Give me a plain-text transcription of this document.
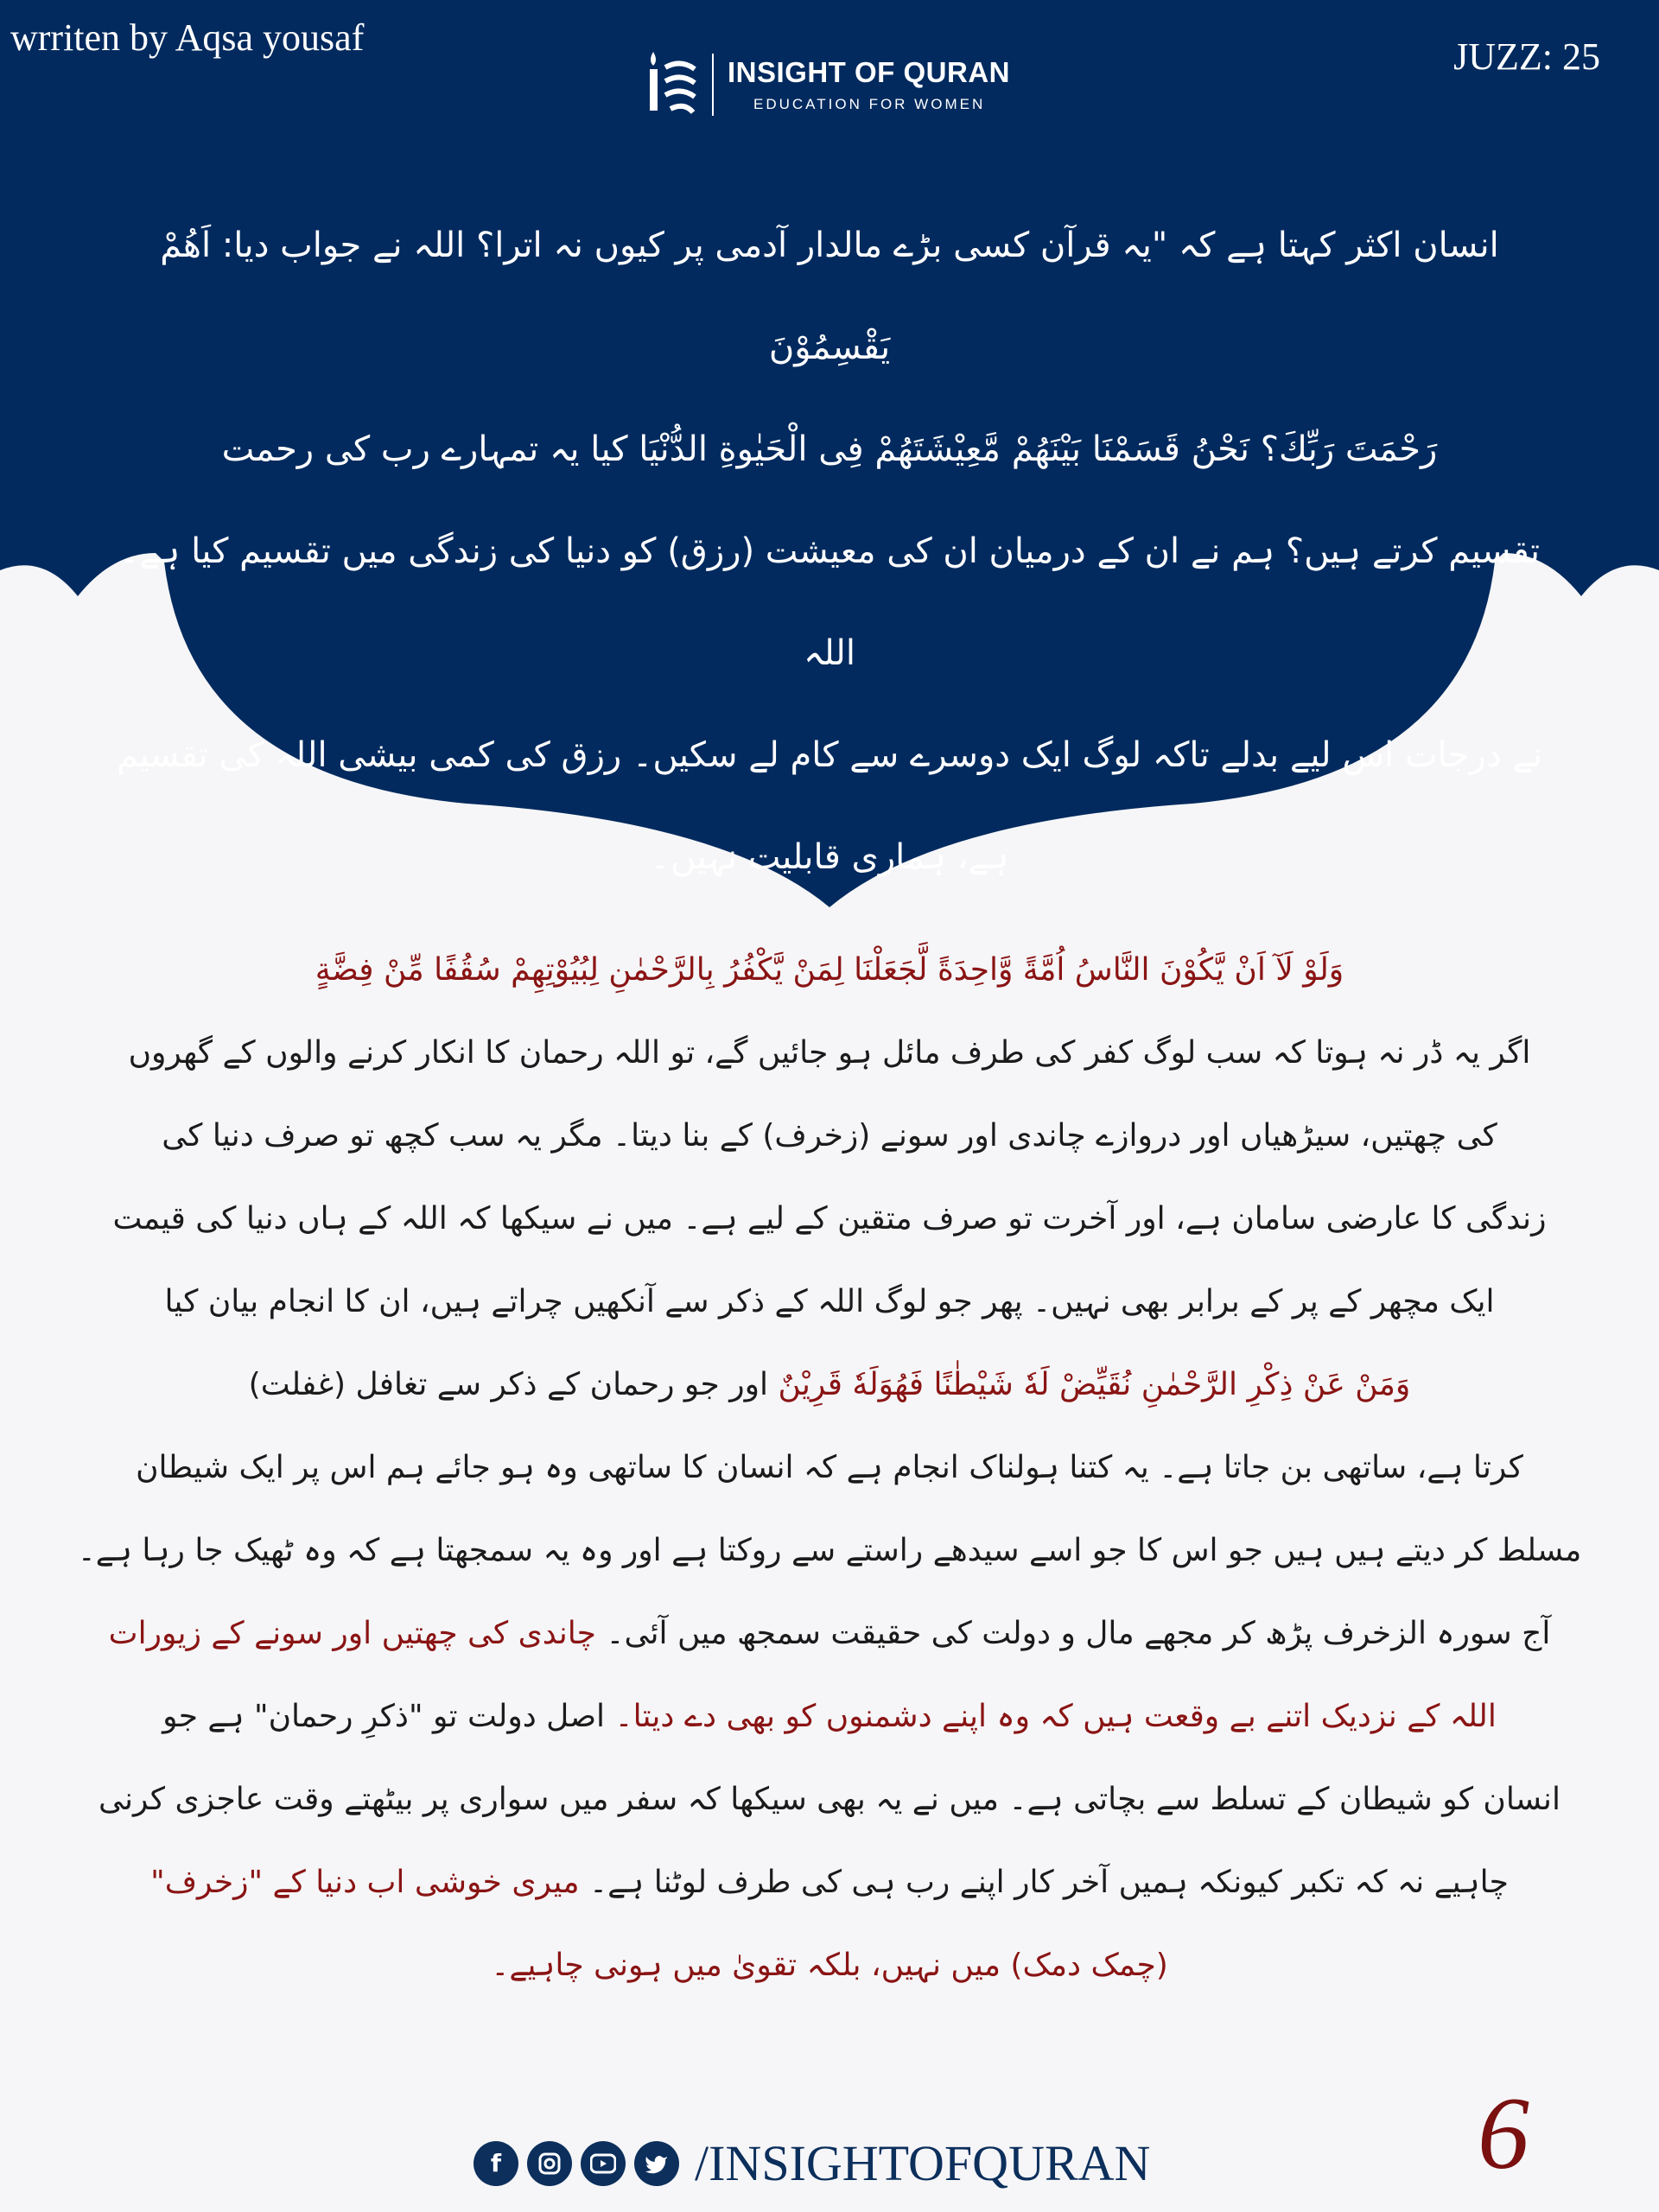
wrriten by Aqsa yousaf	JUZZ: 25
INSIGHT OF QURAN
EDUCATION FOR WOMEN
انسان اکثر کہتا ہے کہ "یہ قرآن کسی بڑے مالدار آدمی پر کیوں نہ اترا؟ اللہ نے جواب دیا: اَهُمْ يَقْسِمُوْنَ
رَحْمَتَ رَبِّكَ؟ نَحْنُ قَسَمْنَا بَيْنَهُمْ مَّعِيْشَتَهُمْ فِى الْحَيٰوةِ الدُّنْيَا کیا یہ تمہارے رب کی رحمت
تقسیم کرتے ہیں؟ ہم نے ان کے درمیان ان کی معیشت (رزق) کو دنیا کی زندگی میں تقسیم کیا ہے۔ اللہ
نے درجات اس لیے بدلے تاکہ لوگ ایک دوسرے سے کام لے سکیں۔ رزق کی کمی بیشی اللہ کی تقسیم
ہے، ہماری قابلیت نہیں۔
وَلَوْ لَآ اَنْ يَّكُوْنَ النَّاسُ اُمَّةً وَّاحِدَةً لَّجَعَلْنَا لِمَنْ يَّكْفُرُ بِالرَّحْمٰنِ لِبُيُوْتِهِمْ سُقُفًا مِّنْ فِضَّةٍ
اگر یہ ڈر نہ ہوتا کہ سب لوگ کفر کی طرف مائل ہو جائیں گے، تو اللہ رحمان کا انکار کرنے والوں کے گھروں
کی چھتیں، سیڑھیاں اور دروازے چاندی اور سونے (زخرف) کے بنا دیتا۔ مگر یہ سب کچھ تو صرف دنیا کی
زندگی کا عارضی سامان ہے، اور آخرت تو صرف متقین کے لیے ہے۔ میں نے سیکھا کہ اللہ کے ہاں دنیا کی قیمت
ایک مچھر کے پر کے برابر بھی نہیں۔ پھر جو لوگ اللہ کے ذکر سے آنکھیں چراتے ہیں، ان کا انجام بیان کیا
وَمَنْ عَنْ ذِكْرِ الرَّحْمٰنِ نُقَيِّضْ لَهٗ شَيْطٰنًا فَهُوَلَهٗ قَرِيْنٌ اور جو رحمان کے ذکر سے تغافل (غفلت)
کرتا ہے، ساتھی بن جاتا ہے۔ یہ کتنا ہولناک انجام ہے کہ انسان کا ساتھی وہ ہو جائے ہم اس پر ایک شیطان
مسلط کر دیتے ہیں ہیں جو اس کا جو اسے سیدھے راستے سے روکتا ہے اور وہ یہ سمجھتا ہے کہ وہ ٹھیک جا رہا ہے۔
آج سورہ الزخرف پڑھ کر مجھے مال و دولت کی حقیقت سمجھ میں آئی۔ چاندی کی چھتیں اور سونے کے زیورات
اللہ کے نزدیک اتنے بے وقعت ہیں کہ وہ اپنے دشمنوں کو بھی دے دیتا۔ اصل دولت تو "ذکرِ رحمان" ہے جو
انسان کو شیطان کے تسلط سے بچاتی ہے۔ میں نے یہ بھی سیکھا کہ سفر میں سواری پر بیٹھتے وقت عاجزی کرنی
چاہیے نہ کہ تکبر کیونکہ ہمیں آخر کار اپنے رب ہی کی طرف لوٹنا ہے۔ میری خوشی اب دنیا کے "زخرف"
(چمک دمک) میں نہیں، بلکہ تقویٰ میں ہونی چاہیے۔
f	/INSIGHTOFQURAN	6
